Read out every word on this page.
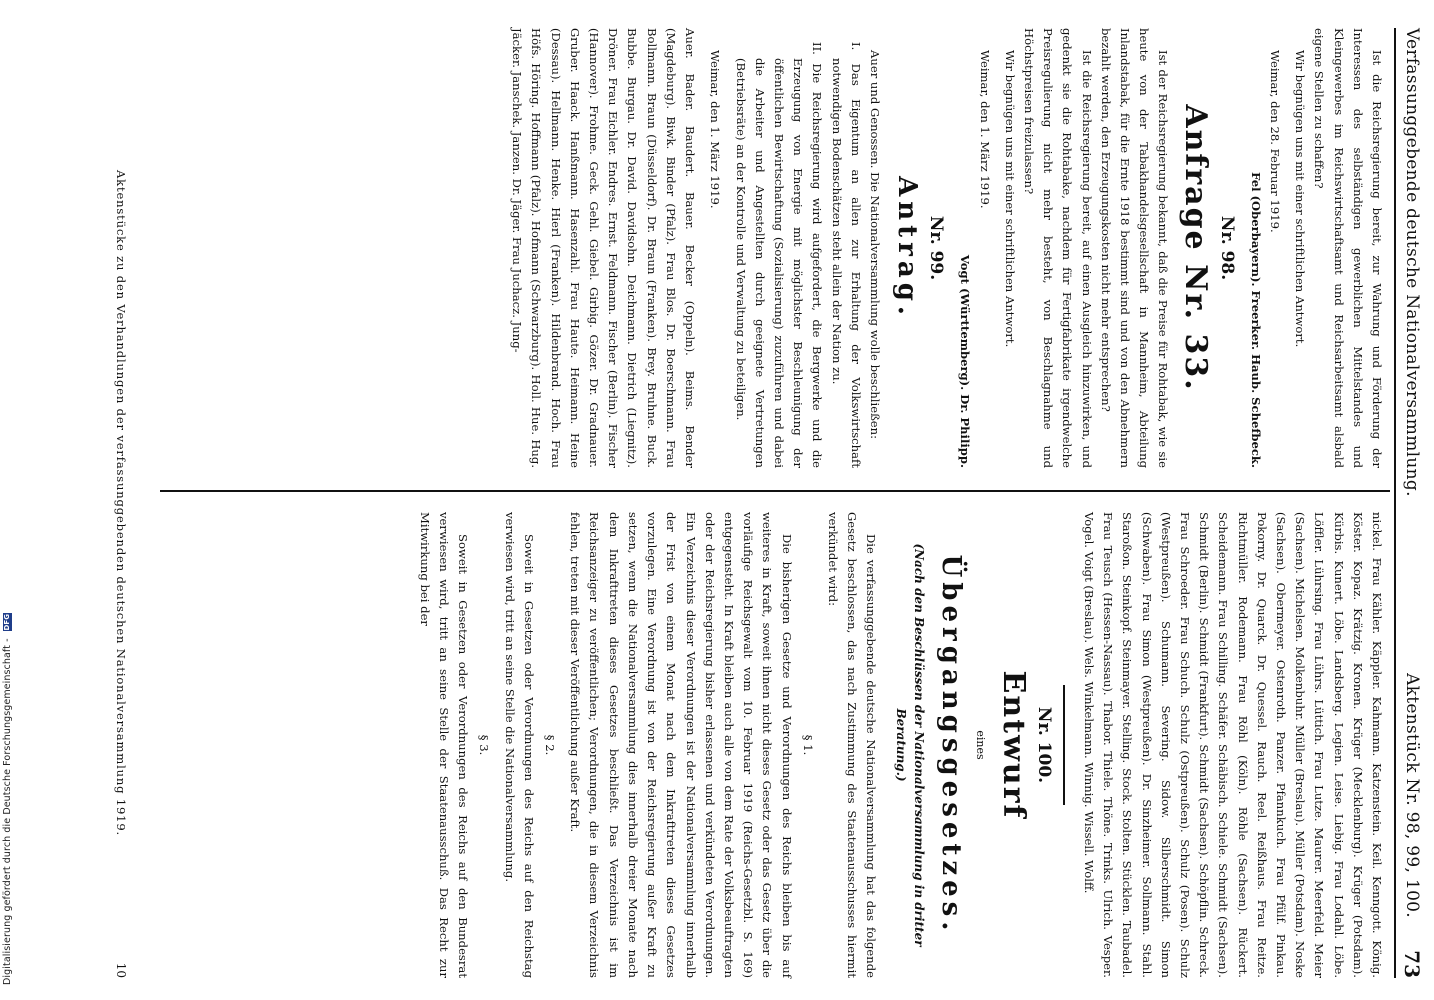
Digitalisierung gefördert durch die Deutsche Forschungsgemeinschaft - DFG
Verfassunggebende deutsche Nationalversammlung.
Aktenstück Nr. 98, 99, 100.
73

Ist die Reichsregierung bereit, zur Wahrung und Förderung der Interessen des selbständigen gewerblichen Mittelstandes und Kleingewerbes im Reichswirtschaftsamt und Reichsarbeitsamt alsbald eigene Stellen zu schaffen?

Wir begnügen uns mit einer schriftlichen Antwort.

Weimar, den 28. Februar 1919.

Fel (Oberbayern). Freerker. Haub. Schefbeck.

Nr. 98.

Anfrage Nr. 33.

Ist der Reichsregierung bekannt, daß die Preise für Rohtabak, wie sie heute von der Tabakhandelsgesellschaft in Mannheim, Abteilung Inlandstabak, für die Ernte 1918 bestimmt sind und von den Abnehmern bezahlt werden, den Erzeugungskosten nicht mehr entsprechen?

Ist die Reichsregierung bereit, auf einen Ausgleich hinzuwirken, und gedenkt sie die Rohtabake, nachdem für Fertigfabrikate irgendwelche Preisregulierung nicht mehr besteht, von Beschlagnahme und Höchstpreisen freizulassen?

Wir begnügen uns mit einer schriftlichen Antwort.

Weimar, den 1. März 1919.

Vogt (Württemberg). Dr. Philipp.

Nr. 99.

Antrag.

Auer und Genossen. Die Nationalversammlung wolle beschließen:

I. Das Eigentum an allen zur Erhaltung der Volkswirtschaft notwendigen Bodenschätzen steht allein der Nation zu.

II. Die Reichsregierung wird aufgefordert, die Bergwerke und die Erzeugung von Energie mit möglichster Beschleunigung der öffentlichen Bewirtschaftung (Sozialisierung) zuzuführen und dabei die Arbeiter und Angestellten durch geeignete Vertretungen (Betriebsräte) an der Kontrolle und Verwaltung zu beteiligen.

Weimar, den 1. März 1919.

Auer. Bader. Baudert. Bauer. Becker (Oppeln). Beims. Bender (Magdeburg). Biwk. Binder (Pfalz). Frau Blos. Dr. Boerschmann. Frau Bollmann. Braun (Düsseldorf). Dr. Braun (Franken). Brey. Bruhne. Buck. Bubbe. Burgau. Dr. David. Davidsohn. Deichmann. Dietrich (Liegnitz). Dröner. Frau Eichler. Endres. Ernst. Feldmann. Fischer (Berlin). Fischer (Hannover). Frohme. Geck. Gehl. Giebel. Girbig. Gözer. Dr. Gradnauer. Gruber. Haack. Hanßmann. Hasenzahl. Frau Haute. Heimann. Heine (Dessau). Hellmann. Henke. Hierl (Franken). Hildenbrand. Hoch. Frau Höfs. Höring. Hoffmann (Pfalz). Hofmann (Schwarzburg). Holl. Hue. Hug. Jäcker. Janschek. Janzen. Dr. Jäger. Frau Juchacz. Jung-

nickel. Frau Kähler. Käppler. Kahmann. Katzenstein. Keil. Kenngott. König. Köster. Kopaz. Krätzig. Kronen. Krüger (Mecklenburg). Krüger (Potsdam). Kürbis. Kunert. Löbe. Landsberg. Legien. Leise. Liebig. Frau Lodahl. Löbe. Löffler. Lührsing. Frau Lührs. Lüttich. Frau Lutze. Maurer. Meerfeld. Meier (Sachsen). Michelsen. Molkenbuhr. Müller (Breslau). Müller (Potsdam). Noske (Sachsen). Obermeyer. Ostenroth. Panzer. Pfannkuch. Frau Pfülf. Pinkau. Pokorny. Dr. Quarck. Dr. Quessel. Rauch. Reel. Reißhaus. Frau Reitze. Richtmüller. Rodemann. Frau Röhl (Köln). Röhle (Sachsen). Rückert. Scheidemann. Frau Schilling. Schäfer. Schäbisch. Schiele. Schmidt (Sachsen). Schmidt (Berlin). Schmidt (Frankfurt). Schmidt (Sachsen). Schöpflin. Schreck. Frau Schroeder. Frau Schuch. Schulz (Ostpreußen). Schulz (Posen). Schulz (Westpreußen). Schumann. Severing. Sidow. Silberschmidt. Simon (Schwaben). Frau Simon (Westpreußen). Dr. Sinzheimer. Sollmann. Stahl. Staroßon. Steinkopf. Steinmayer. Stelling. Stock. Stolten. Stücklen. Taubadel. Frau Teusch (Hessen-Nassau). Thabor. Thiele. Thöne. Trinks. Ulrich. Vesper. Vogel. Voigt (Breslau). Wels. Winkelmann. Winnig. Wissell. Wolff.

Nr. 100.

Entwurf

eines

Übergangsgesetzes.

(Nach den Beschlüssen der Nationalversammlung in dritter Beratung.)

Die verfassunggebende deutsche Nationalversammlung hat das folgende Gesetz beschlossen, das nach Zustimmung des Staatenausschusses hiermit verkündet wird:

§ 1.

Die bisherigen Gesetze und Verordnungen des Reichs bleiben bis auf weiteres in Kraft, soweit ihnen nicht dieses Gesetz oder das Gesetz über die vorläufige Reichsgewalt vom 10. Februar 1919 (Reichs-Gesetzbl. S. 169) entgegensteht. In Kraft bleiben auch alle von dem Rate der Volksbeauftragten oder der Reichsregierung bisher erlassenen und verkündeten Verordnungen. Ein Verzeichnis dieser Verordnungen ist der Nationalversammlung innerhalb der Frist von einem Monat nach dem Inkrafttreten dieses Gesetzes vorzulegen. Eine Verordnung ist von der Reichsregierung außer Kraft zu setzen, wenn die Nationalversammlung dies innerhalb dreier Monate nach dem Inkrafttreten dieses Gesetzes beschließt. Das Verzeichnis ist im Reichsanzeiger zu veröffentlichen; Verordnungen, die in diesem Verzeichnis fehlen, treten mit dieser Veröffentlichung außer Kraft.

§ 2.

Soweit in Gesetzen oder Verordnungen des Reichs auf den Reichstag verwiesen wird, tritt an seine Stelle die Nationalversammlung.

§ 3.

Soweit in Gesetzen oder Verordnungen des Reichs auf den Bundesrat verwiesen wird, tritt an seine Stelle der Staatenausschuß. Das Recht zur Mitwirkung bei der

Aktenstücke zu den Verhandlungen der verfassunggebenden deutschen Nationalversammlung 1919.
10
